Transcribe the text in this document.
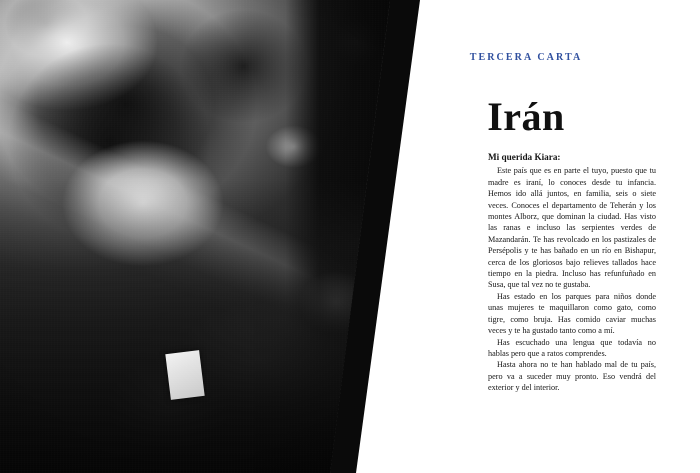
TERCERA CARTA
Irán

Mi querida Kiara:

Este país que es en parte el tuyo, puesto que tu madre es iraní, lo conoces desde tu infancia. Hemos ido allá juntos, en familia, seis o siete veces. Conoces el departamento de Teherán y los montes Alborz, que dominan la ciudad. Has visto las ranas e incluso las serpientes verdes de Mazandarán. Te has revolcado en los pastizales de Persépolis y te has bañado en un río en Bishapur, cerca de los gloriosos bajo relieves tallados hace tiempo en la piedra. Incluso has refunfuñado en Susa, que tal vez no te gustaba.

Has estado en los parques para niños donde unas mujeres te maquillaron como gato, como tigre, como brujа. Has comido caviar muchas veces y te ha gustado tanto como a mí.

Has escuchado una lengua que todavía no hablas pero que a ratos comprendes.

Hasta ahora no te han hablado mal de tu país, pero va a suceder muy pronto. Eso vendrá del exterior y del interior.
